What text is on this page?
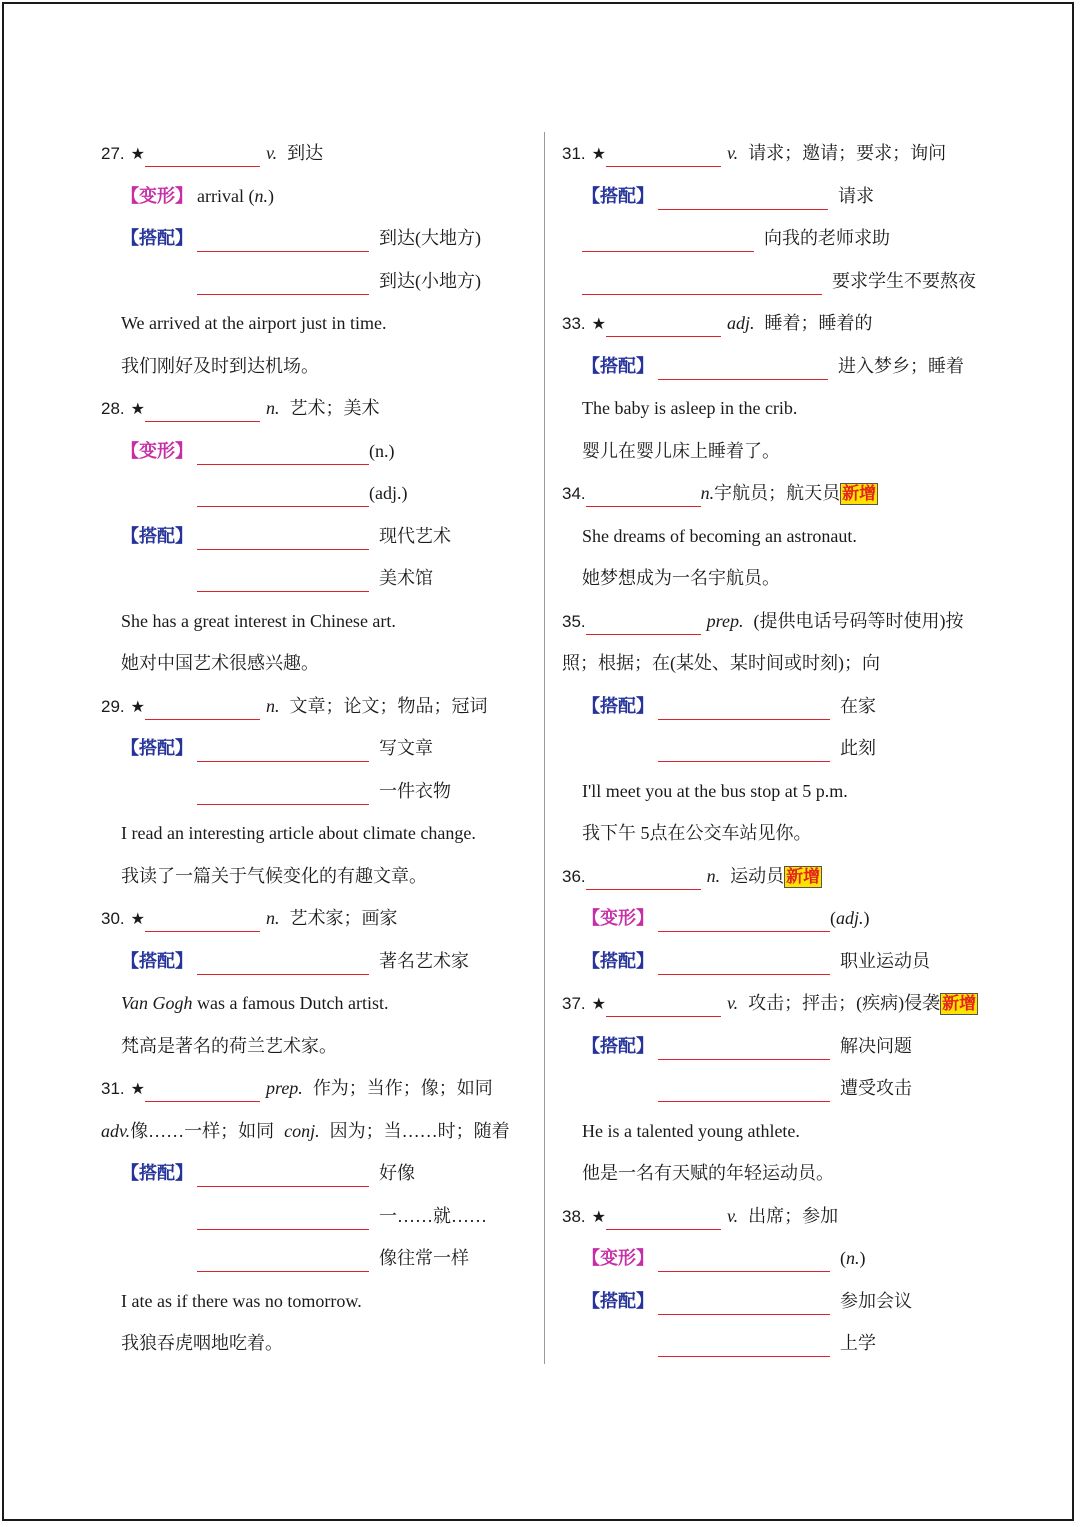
27. ★	v. 到达
【变形】 arrival (n.)
【搭配】	到达(大地方)
到达(小地方)
We arrived at the airport just in time.
我们刚好及时到达机场。
28. ★	n. 艺术；美术
【变形】	(n.)
(adj.)
【搭配】	现代艺术
美术馆
She has a great interest in Chinese art.
她对中国艺术很感兴趣。
29. ★	n. 文章；论文；物品；冠词
【搭配】	写文章
一件衣物
I read an interesting article about climate change.
我读了一篇关于气候变化的有趣文章。
30. ★	n. 艺术家；画家
【搭配】	著名艺术家
Van Gogh was a famous Dutch artist.
梵高是著名的荷兰艺术家。
31. ★	prep. 作为；当作；像；如同
adv.像……一样；如同 conj. 因为；当……时；随着
【搭配】	好像
一……就……
像往常一样
I ate as if there was no tomorrow.
我狼吞虎咽地吃着。
31. ★	v. 请求；邀请；要求；询问
【搭配】	请求
向我的老师求助
要求学生不要熬夜
33. ★	adj. 睡着；睡着的
【搭配】	进入梦乡；睡着
The baby is asleep in the crib.
婴儿在婴儿床上睡着了。
34.	n.宇航员；航天员 新增
She dreams of becoming an astronaut.
她梦想成为一名宇航员。
35.	prep. (提供电话号码等时使用)按
照；根据；在(某处、某时间或时刻)；向
【搭配】	在家
此刻
I'll meet you at the bus stop at 5 p.m.
我下午 5点在公交车站见你。
36.	n. 运动员 新增
【变形】	(adj.)
【搭配】	职业运动员
37. ★	v. 攻击；抨击；(疾病)侵袭 新增
【搭配】	解决问题
遭受攻击
He is a talented young athlete.
他是一名有天赋的年轻运动员。
38. ★	v. 出席；参加
【变形】	(n.)
【搭配】	参加会议
上学
